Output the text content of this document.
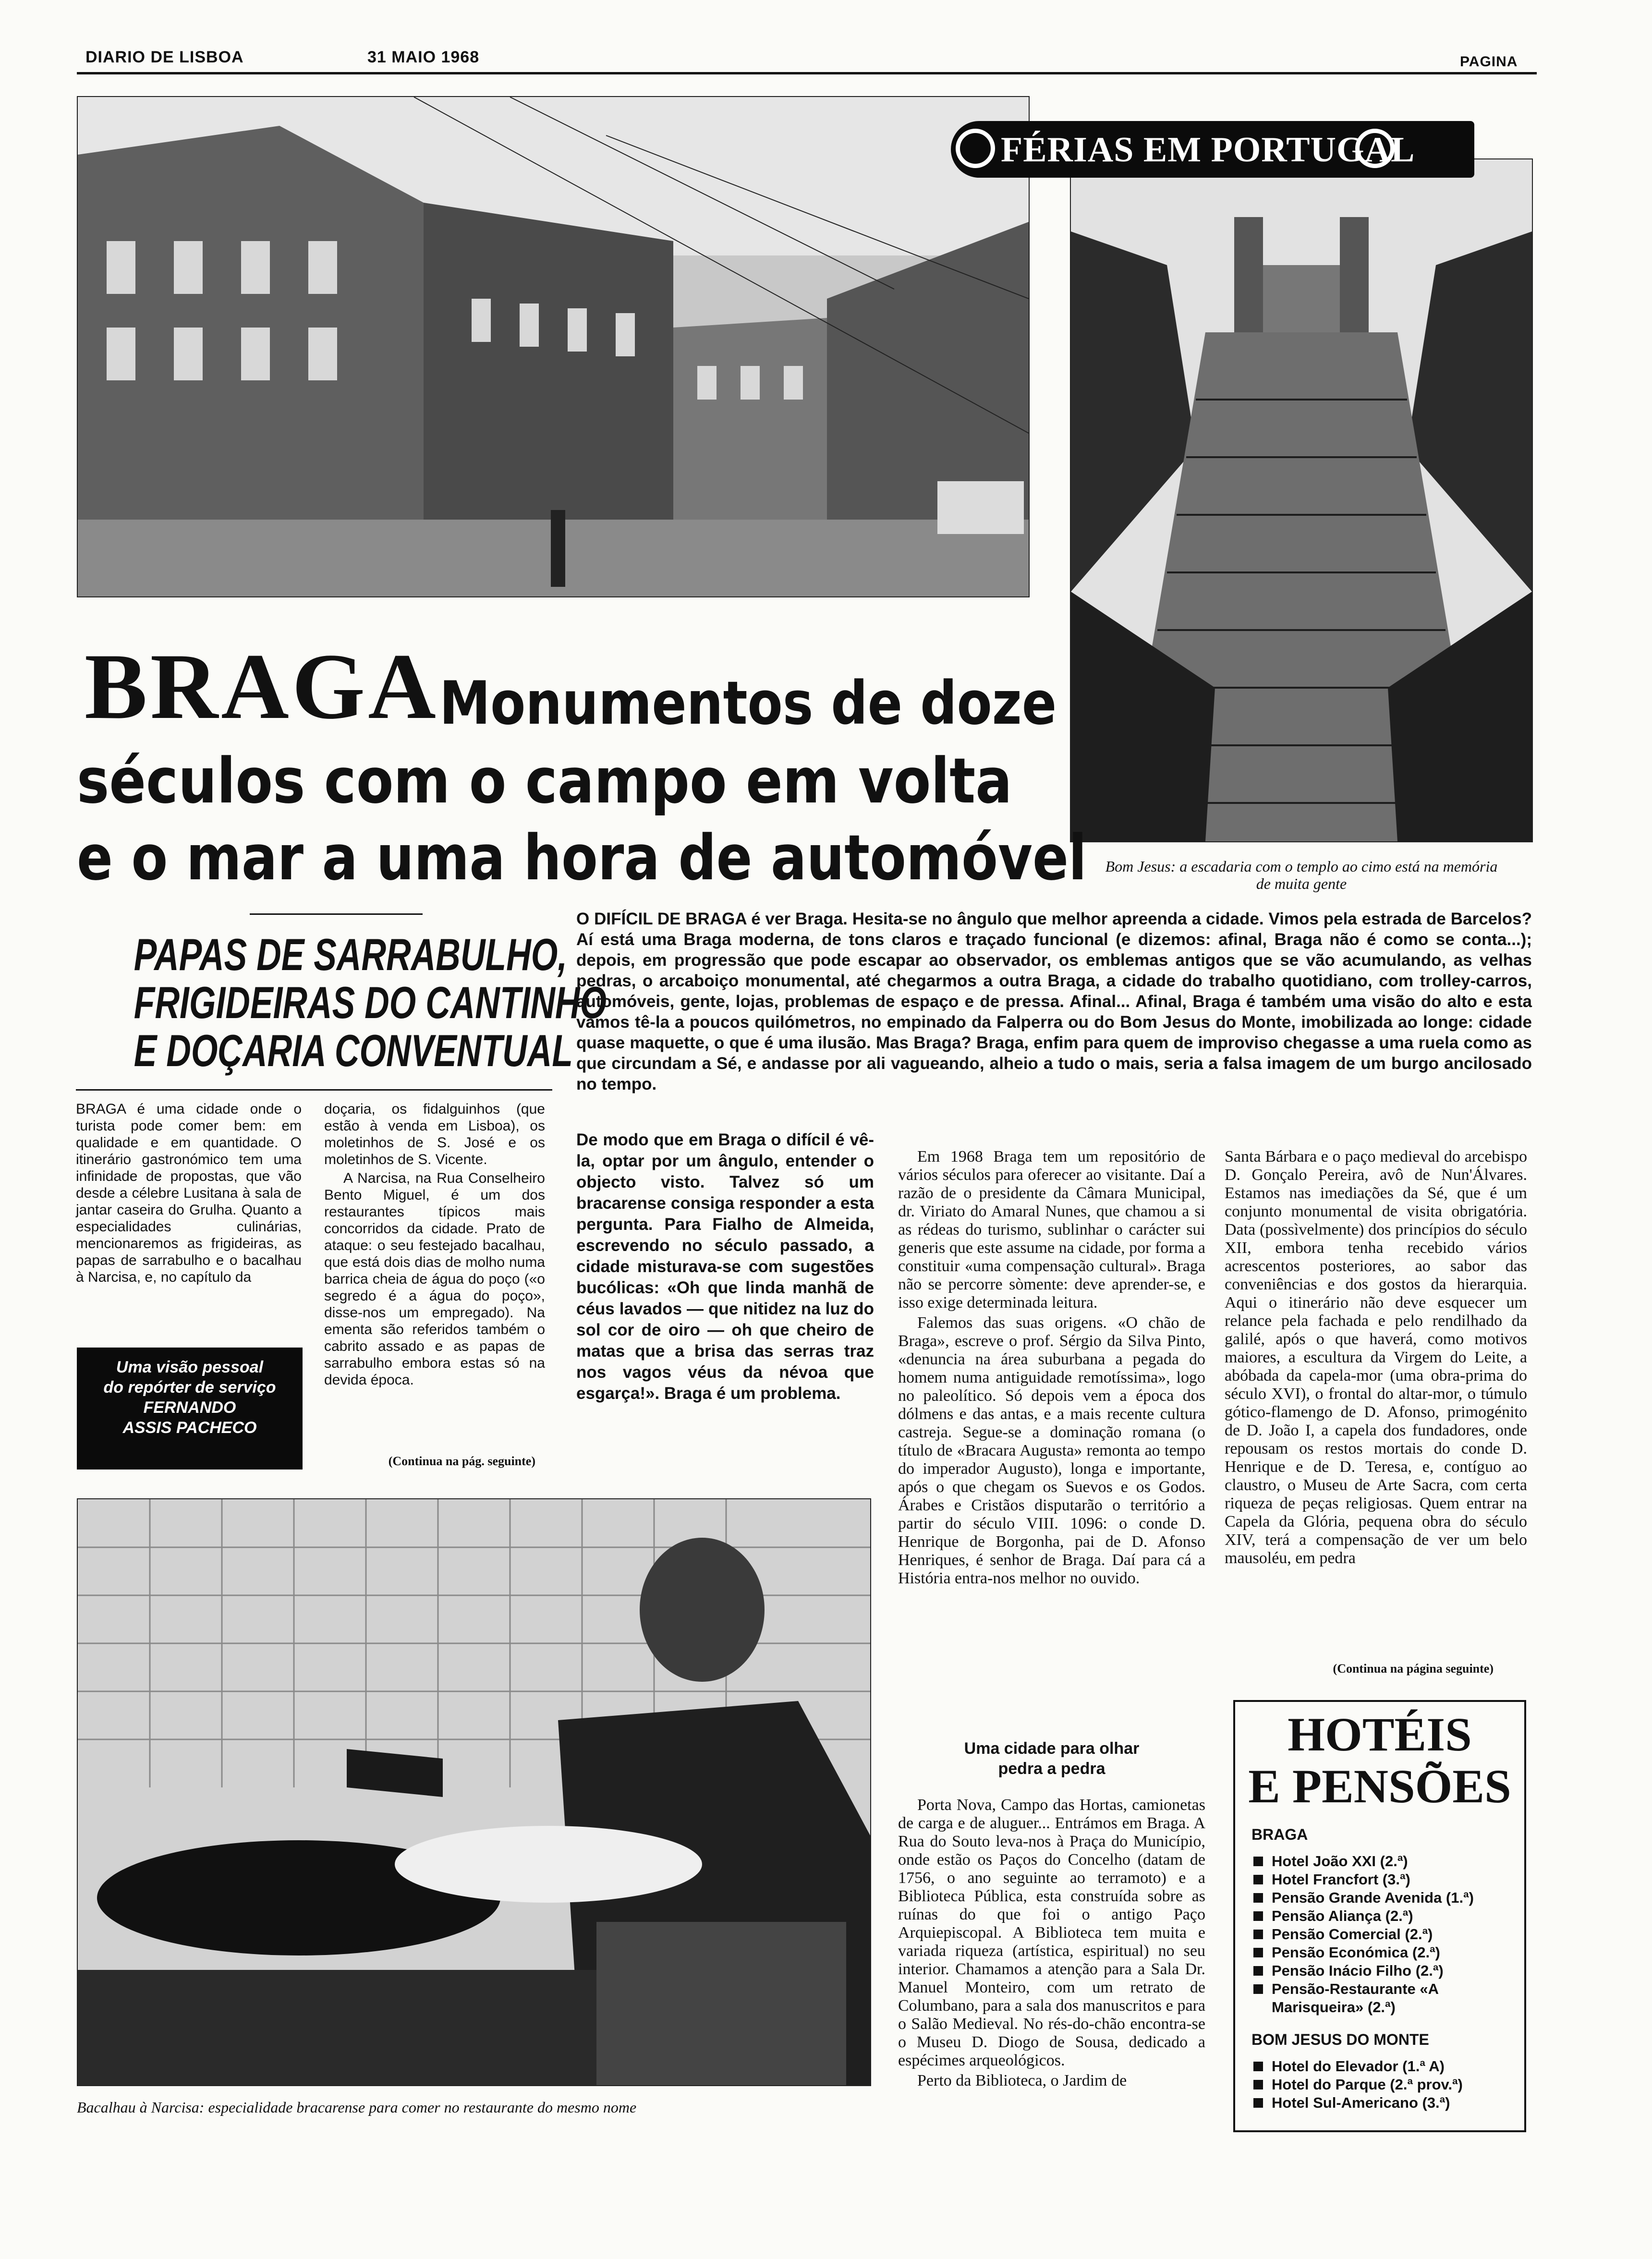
DIARIO DE LISBOA	31 MAIO 1968	PAGINA
FÉRIAS EM PORTUGAL 2
Bom Jesus: a escadaria com o templo ao cimo está na memória de muita gente
BRAGA Monumentos de doze
séculos com o campo em volta
e o mar a uma hora de automóvel
PAPAS DE SARRABULHO,
FRIGIDEIRAS DO CANTINHO
E DOÇARIA CONVENTUAL

BRAGA é uma cidade onde o turista pode comer bem: em qualidade e em quantidade. O itinerário gastronómico tem uma infinidade de propostas, que vão desde a célebre Lusitana à sala de jantar caseira do Grulha. Quanto a especialidades culinárias, mencionaremos as frigideiras, as papas de sarrabulho e o bacalhau à Narcisa, e, no capítulo da

Uma visão pessoal
do repórter de serviço
FERNANDO
ASSIS PACHECO

doçaria, os fidalguinhos (que estão à venda em Lisboa), os moletinhos de S. José e os moletinhos de S. Vicente.

A Narcisa, na Rua Conselheiro Bento Miguel, é um dos restaurantes típicos mais concorridos da cidade. Prato de ataque: o seu festejado bacalhau, que está dois dias de molho numa barrica cheia de água do poço («o segredo é a água do poço», disse-nos um empregado). Na ementa são referidos também o cabrito assado e as papas de sarrabulho embora estas só na devida época.

(Continua na pág. seguinte)
O DIFÍCIL DE BRAGA é ver Braga. Hesita-se no ângulo que melhor apreenda a cidade. Vimos pela estrada de Barcelos? Aí está uma Braga moderna, de tons claros e traçado funcional (e dizemos: afinal, Braga não é como se conta...); depois, em progressão que pode escapar ao observador, os emblemas antigos que se vão acumulando, as velhas pedras, o arcaboiço monumental, até chegarmos a outra Braga, a cidade do trabalho quotidiano, com trolley-carros, automóveis, gente, lojas, problemas de espaço e de pressa. Afinal... Afinal, Braga é também uma visão do alto e esta vamos tê-la a poucos quilómetros, no empinado da Falperra ou do Bom Jesus do Monte, imobilizada ao longe: cidade quase maquette, o que é uma ilusão. Mas Braga? Braga, enfim para quem de improviso chegasse a uma ruela como as que circundam a Sé, e andasse por ali vagueando, alheio a tudo o mais, seria a falsa imagem de um burgo ancilosado no tempo.
De modo que em Braga o difícil é vê-la, optar por um ângulo, entender o objecto visto. Talvez só um bracarense consiga responder a esta pergunta. Para Fialho de Almeida, escrevendo no século passado, a cidade misturava-se com sugestões bucólicas: «Oh que linda manhã de céus lavados — que nitidez na luz do sol cor de oiro — oh que cheiro de matas que a brisa das serras traz nos vagos véus da névoa que esgarça!». Braga é um problema.

Em 1968 Braga tem um repositório de vários séculos para oferecer ao visitante. Daí a razão de o presidente da Câmara Municipal, dr. Viriato do Amaral Nunes, que chamou a si as rédeas do turismo, sublinhar o carácter sui generis que este assume na cidade, por forma a constituir «uma compensação cultural». Braga não se percorre sòmente: deve aprender-se, e isso exige determinada leitura.

Falemos das suas origens. «O chão de Braga», escreve o prof. Sérgio da Silva Pinto, «denuncia na área suburbana a pegada do homem numa antiguidade remotíssima», logo no paleolítico. Só depois vem a época dos dólmens e das antas, e a mais recente cultura castreja. Segue-se a dominação romana (o título de «Bracara Augusta» remonta ao tempo do imperador Augusto), longa e importante, após o que chegam os Suevos e os Godos. Árabes e Cristãos disputarão o território a partir do século VIII. 1096: o conde D. Henrique de Borgonha, pai de D. Afonso Henriques, é senhor de Braga. Daí para cá a História entra-nos melhor no ouvido.

Uma cidade para olhar
pedra a pedra

Porta Nova, Campo das Hortas, camionetas de carga e de aluguer... Entrámos em Braga. A Rua do Souto leva-nos à Praça do Município, onde estão os Paços do Concelho (datam de 1756, o ano seguinte ao terramoto) e a Biblioteca Pública, esta construída sobre as ruínas do que foi o antigo Paço Arquiepiscopal. A Biblioteca tem muita e variada riqueza (artística, espiritual) no seu interior. Chamamos a atenção para a Sala Dr. Manuel Monteiro, com um retrato de Columbano, para a sala dos manuscritos e para o Salão Medieval. No rés-do-chão encontra-se o Museu D. Diogo de Sousa, dedicado a espécimes arqueológicos.

Perto da Biblioteca, o Jardim de

Santa Bárbara e o paço medieval do arcebispo D. Gonçalo Pereira, avô de Nun'Álvares. Estamos nas imediações da Sé, que é um conjunto monumental de visita obrigatória. Data (possìvelmente) dos princípios do século XII, embora tenha recebido vários acrescentos posteriores, ao sabor das conveniências e dos gostos da hierarquia. Aqui o itinerário não deve esquecer um relance pela fachada e pelo rendilhado da galilé, após o que haverá, como motivos maiores, a escultura da Virgem do Leite, a abóbada da capela-mor (uma obra-prima do século XVI), o frontal do altar-mor, o túmulo gótico-flamengo de D. Afonso, primogénito de D. João I, a capela dos fundadores, onde repousam os restos mortais do conde D. Henrique e de D. Teresa, e, contíguo ao claustro, o Museu de Arte Sacra, com certa riqueza de peças religiosas. Quem entrar na Capela da Glória, pequena obra do século XIV, terá a compensação de ver um belo mausoléu, em pedra

(Continua na página seguinte)
Bacalhau à Narcisa: especialidade bracarense para comer no restaurante do mesmo nome
HOTÉIS
E PENSÕES
BRAGA
Hotel João XXI (2.ª)
Hotel Francfort (3.ª)
Pensão Grande Avenida (1.ª)
Pensão Aliança (2.ª)
Pensão Comercial (2.ª)
Pensão Económica (2.ª)
Pensão Inácio Filho (2.ª)
Pensão-Restaurante «A Marisqueira» (2.ª)
BOM JESUS DO MONTE
Hotel do Elevador (1.ª A)
Hotel do Parque (2.ª prov.ª)
Hotel Sul-Americano (3.ª)
